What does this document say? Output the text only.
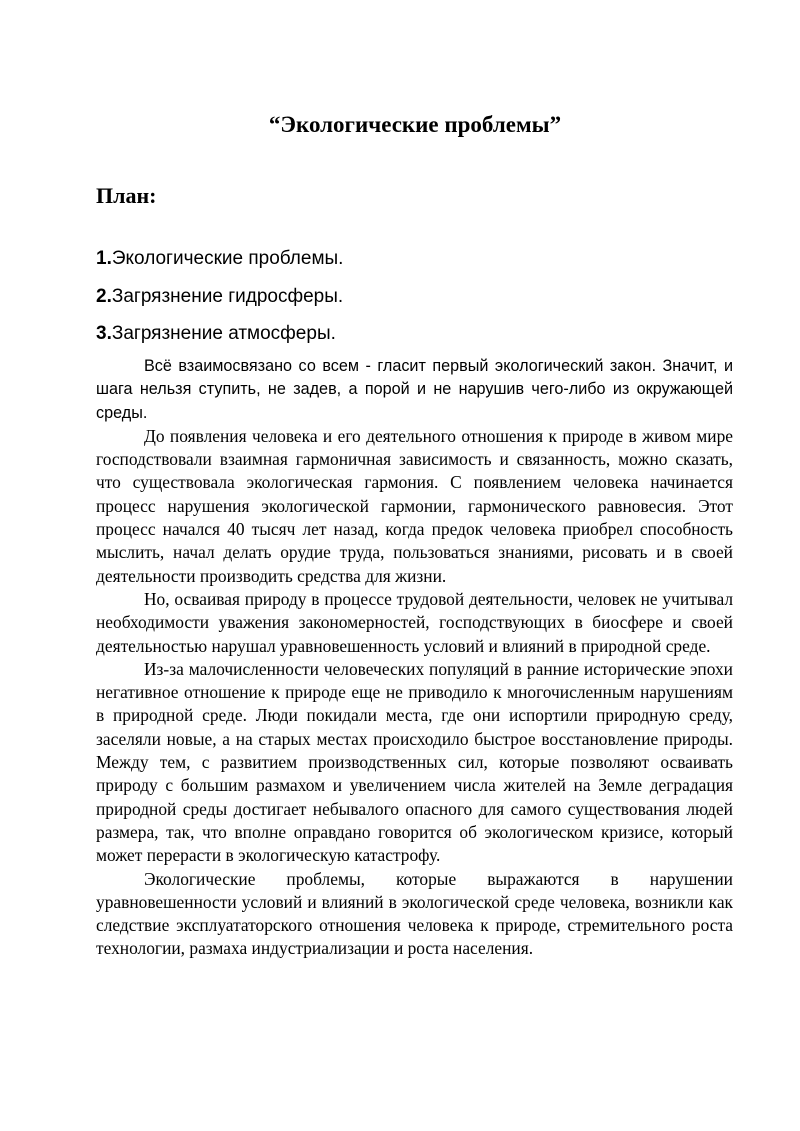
“Экологические проблемы”
План:
1.Экологические проблемы.
2.Загрязнение гидросферы.
3.Загрязнение атмосферы.

Всё взаимосвязано со всем - гласит первый экологический закон. Значит, и шага нельзя ступить, не задев, а порой и не нарушив чего-либо из окружающей среды.

До появления человека и его деятельного отношения к природе в живом мире господствовали взаимная гармоничная зависимость и связанность, можно сказать, что существовала экологическая гармония. С появлением человека начинается процесс нарушения экологической гармонии, гармонического равновесия. Этот процесс начался 40 тысяч лет назад, когда предок человека приобрел способность мыслить, начал делать орудие труда, пользоваться знаниями, рисовать и в своей деятельности производить средства для жизни.

Но, осваивая природу в процессе трудовой деятельности, человек не учитывал необходимости уважения закономерностей, господствующих в биосфере и своей деятельностью нарушал уравновешенность условий и влияний в природной среде.

Из-за малочисленности человеческих популяций в ранние исторические эпохи негативное отношение к природе еще не приводило к многочисленным нарушениям в природной среде. Люди покидали места, где они испортили природную среду, заселяли новые, а на старых местах происходило быстрое восстановление природы. Между тем, с развитием производственных сил, которые позволяют осваивать природу с большим размахом и увеличением числа жителей на Земле деградация природной среды достигает небывалого опасного для самого существования людей размера, так, что вполне оправдано говорится об экологическом кризисе, который может перерасти в экологическую катастрофу.

Экологические проблемы, которые выражаются в нарушении уравновешенности условий и влияний в экологической среде человека, возникли как следствие эксплуататорского отношения человека к природе, стремительного роста технологии, размаха индустриализации и роста населения.
